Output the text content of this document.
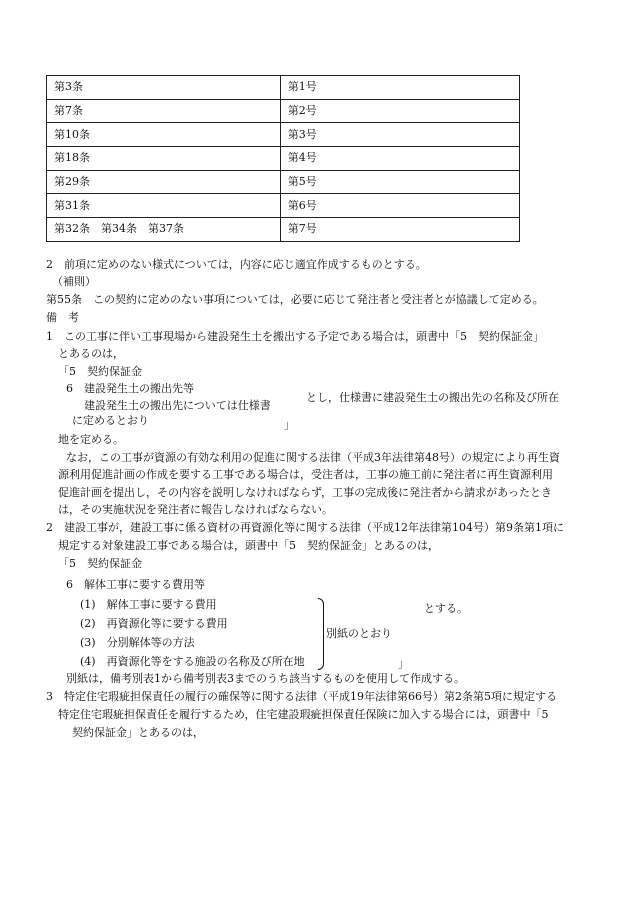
第3条	第1号
第7条	第2号
第10条	第3号
第18条	第4号
第29条	第5号
第31条	第6号
第32条　第34条　第37条	第7号
2　前項に定めのない様式については，内容に応じ適宜作成するものとする。
（補則）
第55条　この契約に定めのない事項については，必要に応じて発注者と受注者とが協議して定める。
備　考
1　この工事に伴い工事現場から建設発生土を搬出する予定である場合は，頭書中「5　契約保証金」
とあるのは，
「5　契約保証金
6　建設発生土の搬出先等
建設発生土の搬出先については仕様書
に定めるとおり	」
とし，仕様書に建設発生土の搬出先の名称及び所在
地を定める。
なお，この工事が資源の有効な利用の促進に関する法律（平成3年法律第48号）の規定により再生資
源利用促進計画の作成を要する工事である場合は，受注者は，工事の施工前に発注者に再生資源利用
促進計画を提出し，その内容を説明しなければならず，工事の完成後に発注者から請求があったとき
は，その実施状況を発注者に報告しなければならない。
2　建設工事が，建設工事に係る資材の再資源化等に関する法律（平成12年法律第104号）第9条第1項に
規定する対象建設工事である場合は，頭書中「5　契約保証金」とあるのは，
「5　契約保証金
6　解体工事に要する費用等
(1)　解体工事に要する費用
(2)　再資源化等に要する費用
(3)　分別解体等の方法
(4)　再資源化等をする施設の名称及び所在地
別紙のとおり
とする。
」
別紙は，備考別表1から備考別表3までのうち該当するものを使用して作成する。
3　特定住宅瑕疵担保責任の履行の確保等に関する法律（平成19年法律第66号）第2条第5項に規定する
特定住宅瑕疵担保責任を履行するため，住宅建設瑕疵担保責任保険に加入する場合には，頭書中「5
契約保証金」とあるのは，
